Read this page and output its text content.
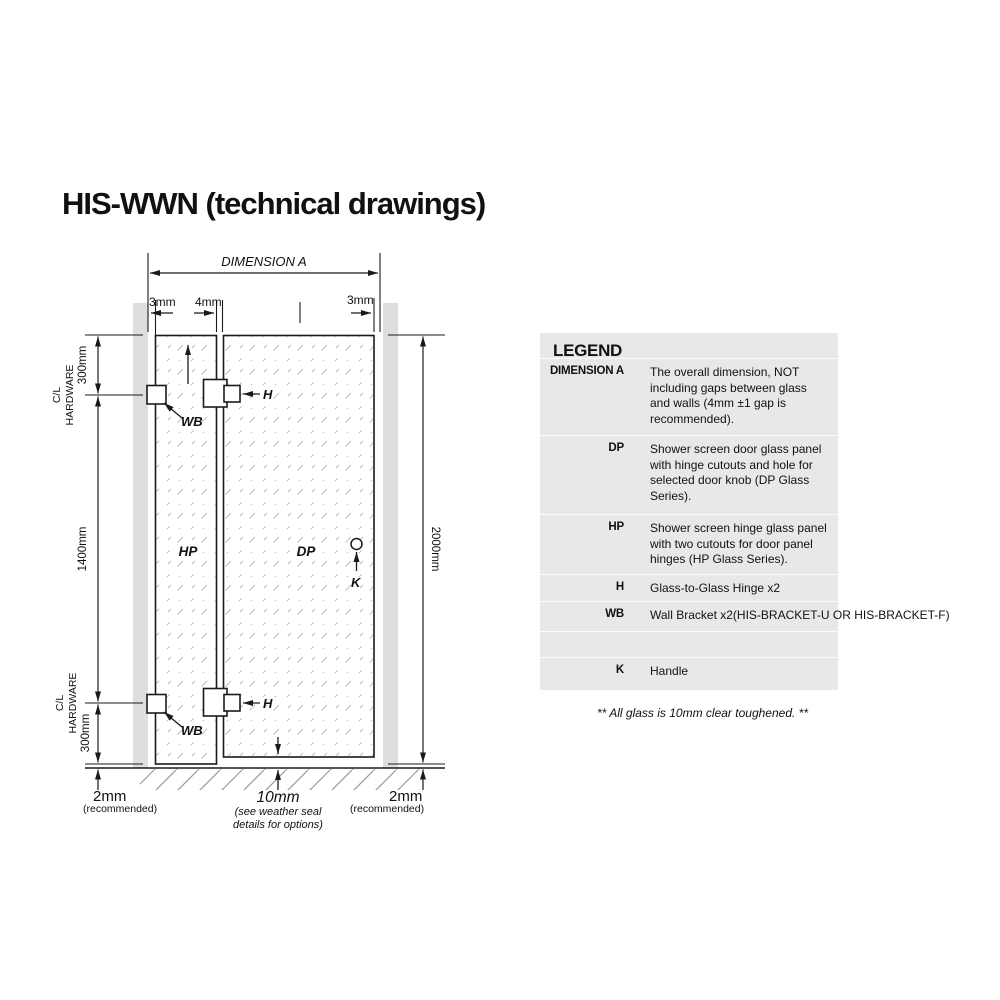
HIS-WWN (technical drawings)
DIMENSION A
3mm 4mm	3mm
300mm
C/L HARDWARE
1400mm
C/L HARDWARE 300mm
2000mm
H
H
WB
WB
HP	DP
K
2mm
(recommended)
10mm
(see weather seal
details for options)
2mm
(recommended)
LEGEND
DIMENSION A The overall dimension, NOT including gaps between glass and walls (4mm ±1 gap is recommended).
DP Shower screen door glass panel with hinge cutouts and hole for selected door knob (DP Glass Series).
HP Shower screen hinge glass panel with two cutouts for door panel hinges (HP Glass Series).
H Glass-to-Glass Hinge x2
WB Wall Bracket x2(HIS-BRACKET-U OR HIS-BRACKET-F)
K Handle
** All glass is 10mm clear toughened. **
